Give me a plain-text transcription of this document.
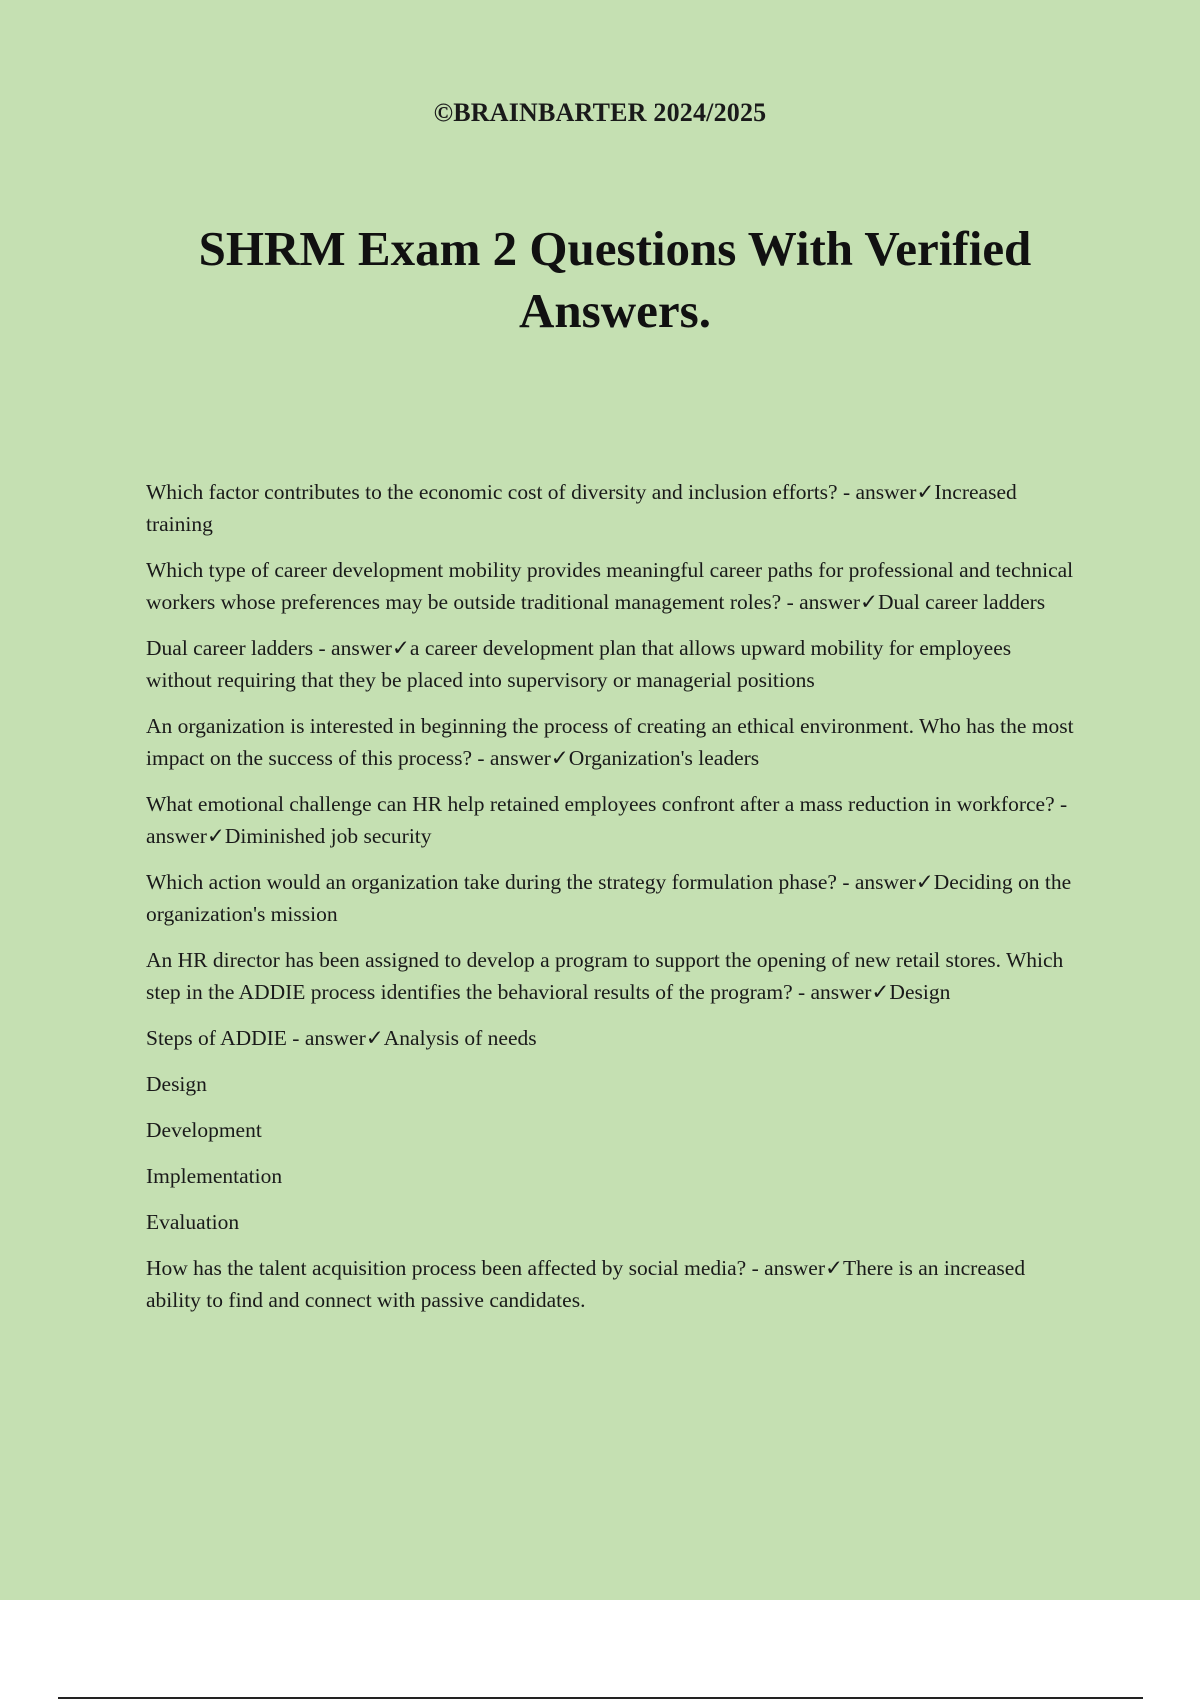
©BRAINBARTER 2024/2025
SHRM Exam 2 Questions With Verified Answers.

Which factor contributes to the economic cost of diversity and inclusion efforts? - answer✓Increased training

Which type of career development mobility provides meaningful career paths for professional and technical workers whose preferences may be outside traditional management roles? - answer✓Dual career ladders

Dual career ladders - answer✓a career development plan that allows upward mobility for employees without requiring that they be placed into supervisory or managerial positions

An organization is interested in beginning the process of creating an ethical environment. Who has the most impact on the success of this process? - answer✓Organization's leaders

What emotional challenge can HR help retained employees confront after a mass reduction in workforce? - answer✓Diminished job security

Which action would an organization take during the strategy formulation phase? - answer✓Deciding on the organization's mission

An HR director has been assigned to develop a program to support the opening of new retail stores. Which step in the ADDIE process identifies the behavioral results of the program? - answer✓Design

Steps of ADDIE - answer✓Analysis of needs

Design

Development

Implementation

Evaluation

How has the talent acquisition process been affected by social media? - answer✓There is an increased ability to find and connect with passive candidates.
